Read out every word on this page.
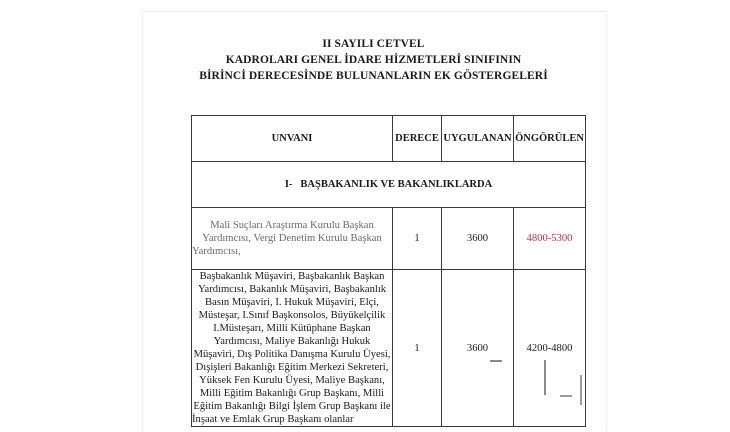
II SAYILI CETVEL
KADROLARI GENEL İDARE HİZMETLERİ SINIFININ
BİRİNCİ DERECESİNDE BULUNANLARIN EK GÖSTERGELERİ
UNVANI	DERECE	UYGULANAN	ÖNGÖRÜLEN
I- BAŞBAKANLIK VE BAKANLIKLARDA			
Mali Suçları Araştırma Kurulu Başkan Yardımcısı, Vergi Denetim Kurulu Başkan Yardımcısı,	1	3600	4800-5300
Başbakanlık Müşaviri, Başbakanlık Başkan Yardımcısı, Bakanlık Müşaviri, Başbakanlık Basın Müşaviri, I. Hukuk Müşaviri, Elçi, Müsteşar, I.Sınıf Başkonsolos, Büyükelçilik I.Müsteşarı, Milli Kütüphane Başkan Yardımcısı, Maliye Bakanlığı Hukuk Müşaviri, Dış Politika Danışma Kurulu Üyesi, Dışişleri Bakanlığı Eğitim Merkezi Sekreteri, Yüksek Fen Kurulu Üyesi, Maliye Başkanı, Milli Eğitim Bakanlığı Grup Başkanı, Milli Eğitim Bakanlığı Bilgi İşlem Grup Başkanı ile İnşaat ve Emlak Grup Başkanı olanlar	1	3600	4200-4800
